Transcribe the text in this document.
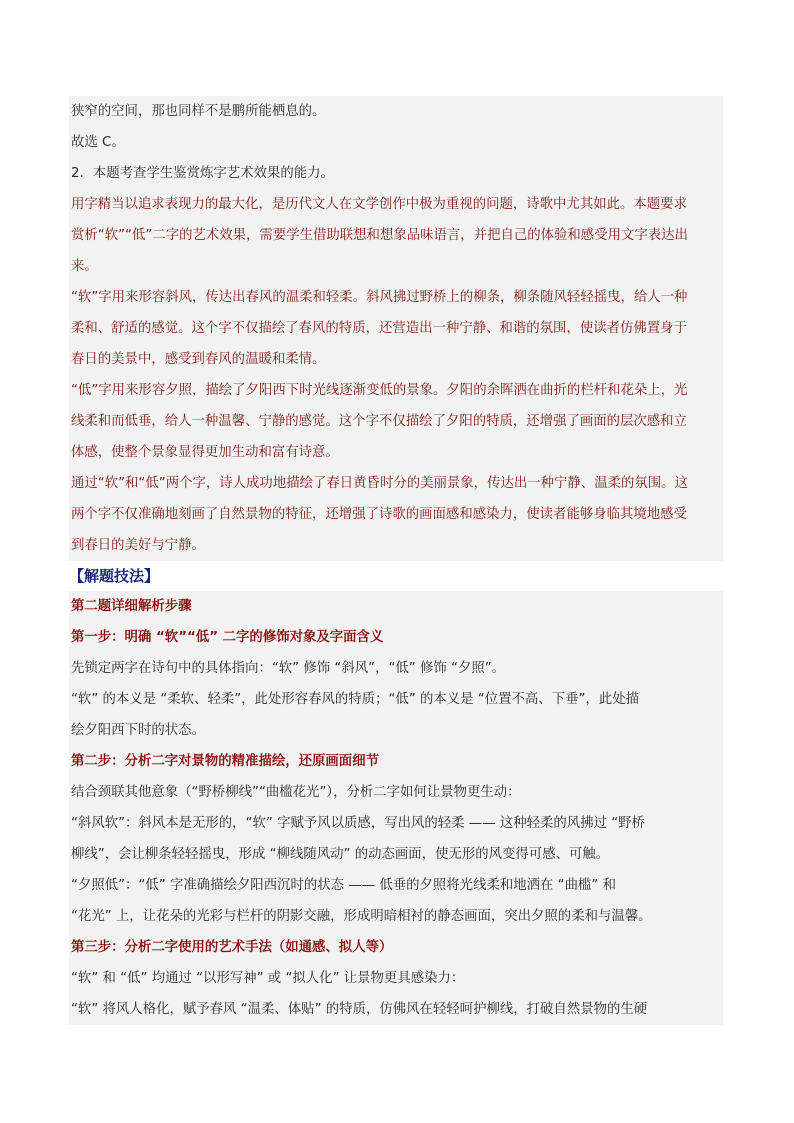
狭窄的空间，那也同样不是鹏所能栖息的。
故选 C。
2．本题考查学生鉴赏炼字艺术效果的能力。
用字精当以追求表现力的最大化，是历代文人在文学创作中极为重视的问题，诗歌中尤其如此。本题要求
赏析“软”“低”二字的艺术效果，需要学生借助联想和想象品味语言，并把自己的体验和感受用文字表达出
来。
“软”字用来形容斜风，传达出春风的温柔和轻柔。斜风拂过野桥上的柳条，柳条随风轻轻摇曳，给人一种
柔和、舒适的感觉。这个字不仅描绘了春风的特质，还营造出一种宁静、和谐的氛围，使读者仿佛置身于
春日的美景中，感受到春风的温暖和柔情。
“低”字用来形容夕照，描绘了夕阳西下时光线逐渐变低的景象。夕阳的余晖洒在曲折的栏杆和花朵上，光
线柔和而低垂，给人一种温馨、宁静的感觉。这个字不仅描绘了夕阳的特质，还增强了画面的层次感和立
体感，使整个景象显得更加生动和富有诗意。
通过“软”和“低”两个字，诗人成功地描绘了春日黄昏时分的美丽景象，传达出一种宁静、温柔的氛围。这
两个字不仅准确地刻画了自然景物的特征，还增强了诗歌的画面感和感染力，使读者能够身临其境地感受
到春日的美好与宁静。
【解题技法】
第二题详细解析步骤
第一步：明确 “软”“低” 二字的修饰对象及字面含义
先锁定两字在诗句中的具体指向：“软” 修饰 “斜风”，“低” 修饰 “夕照”。
“软” 的本义是 “柔软、轻柔”，此处形容春风的特质；“低” 的本义是 “位置不高、下垂”，此处描
绘夕阳西下时的状态。
第二步：分析二字对景物的精准描绘，还原画面细节
结合颈联其他意象（“野桥柳线”“曲槛花光”），分析二字如何让景物更生动：
“斜风软”：斜风本是无形的，“软” 字赋予风以质感，写出风的轻柔 —— 这种轻柔的风拂过 “野桥
柳线”，会让柳条轻轻摇曳，形成 “柳线随风动” 的动态画面，使无形的风变得可感、可触。
“夕照低”：“低” 字准确描绘夕阳西沉时的状态 —— 低垂的夕照将光线柔和地洒在 “曲槛” 和
“花光” 上，让花朵的光彩与栏杆的阴影交融，形成明暗相衬的静态画面，突出夕照的柔和与温馨。
第三步：分析二字使用的艺术手法（如通感、拟人等）
“软” 和 “低” 均通过 “以形写神” 或 “拟人化” 让景物更具感染力：
“软” 将风人格化，赋予春风 “温柔、体贴” 的特质，仿佛风在轻轻呵护柳线，打破自然景物的生硬
